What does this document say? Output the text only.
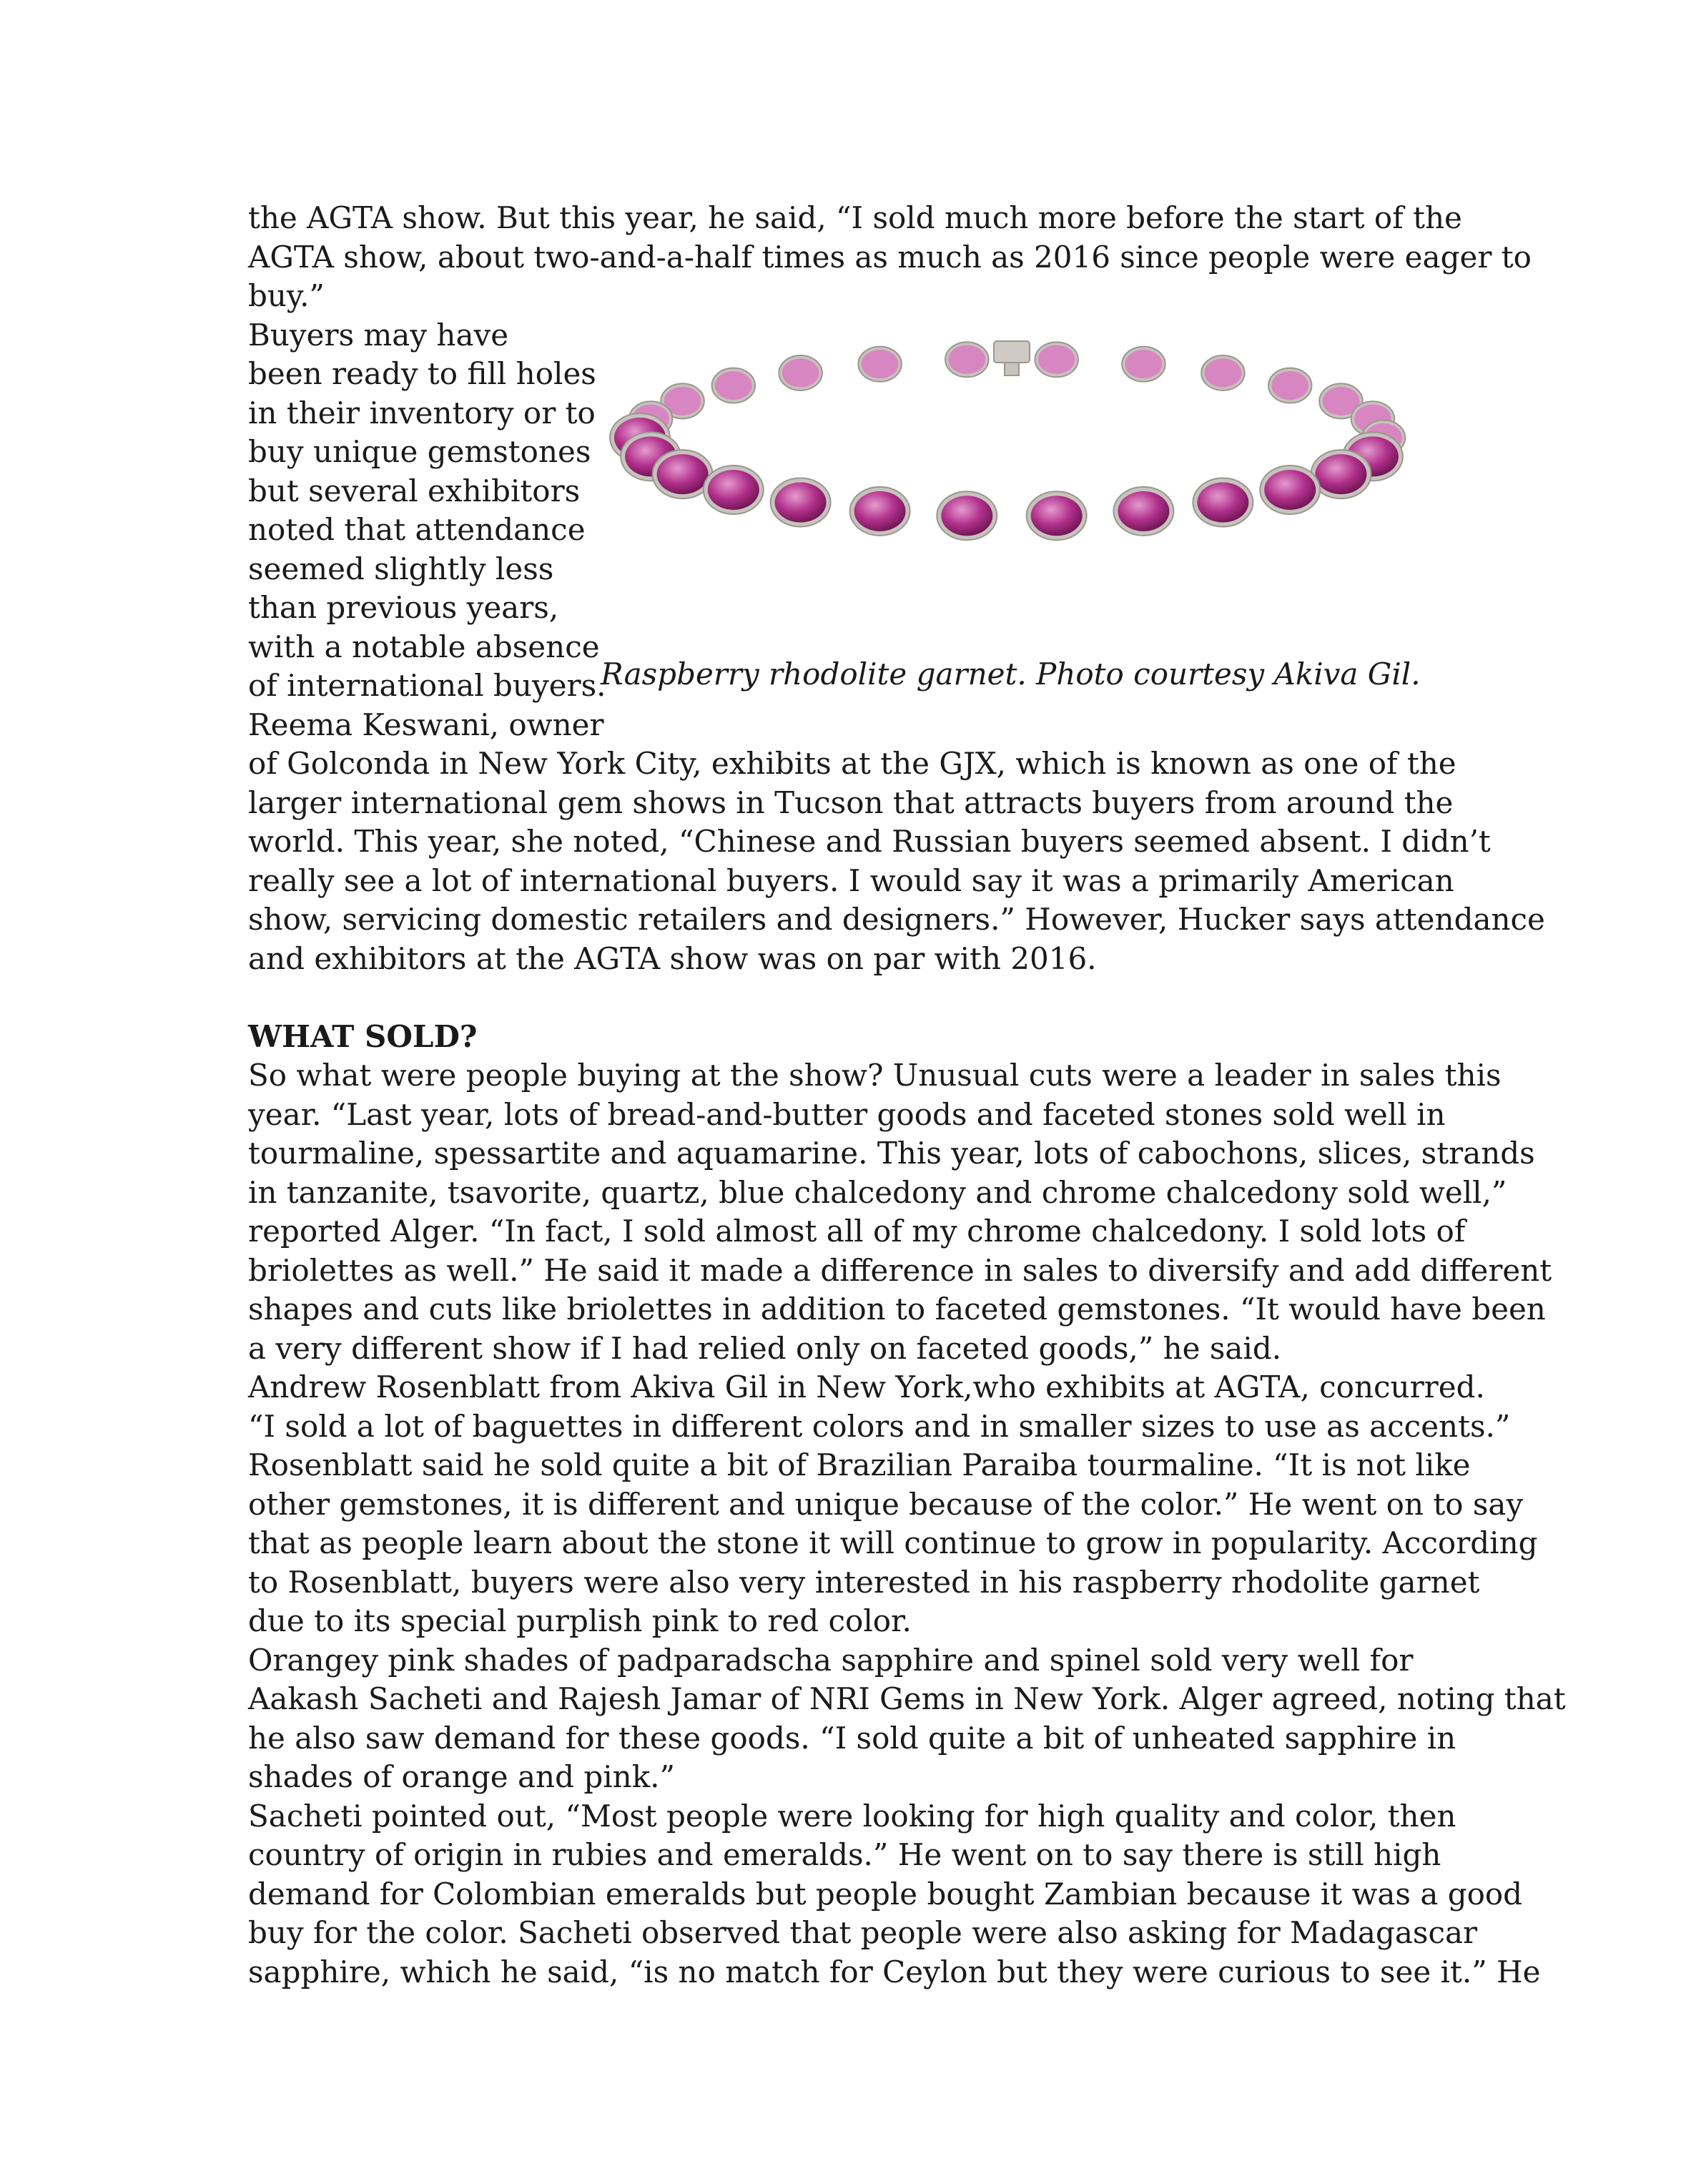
the AGTA show. But this year, he said, “I sold much more before the start of the
AGTA show, about two-and-a-half times as much as 2016 since people were eager to
buy.”
Buyers may have
been ready to fill holes
in their inventory or to
buy unique gemstones
but several exhibitors
noted that attendance
seemed slightly less
than previous years,
with a notable absence
of international buyers.
Reema Keswani, owner
of Golconda in New York City, exhibits at the GJX, which is known as one of the
larger international gem shows in Tucson that attracts buyers from around the
world. This year, she noted, “Chinese and Russian buyers seemed absent. I didn’t
really see a lot of international buyers. I would say it was a primarily American
show, servicing domestic retailers and designers.” However, Hucker says attendance
and exhibitors at the AGTA show was on par with 2016.
WHAT SOLD?
So what were people buying at the show? Unusual cuts were a leader in sales this
year. “Last year, lots of bread-and-butter goods and faceted stones sold well in
tourmaline, spessartite and aquamarine. This year, lots of cabochons, slices, strands
in tanzanite, tsavorite, quartz, blue chalcedony and chrome chalcedony sold well,”
reported Alger. “In fact, I sold almost all of my chrome chalcedony. I sold lots of
briolettes as well.” He said it made a difference in sales to diversify and add different
shapes and cuts like briolettes in addition to faceted gemstones. “It would have been
a very different show if I had relied only on faceted goods,” he said.
Andrew Rosenblatt from Akiva Gil in New York,who exhibits at AGTA, concurred.
“I sold a lot of baguettes in different colors and in smaller sizes to use as accents.”
Rosenblatt said he sold quite a bit of Brazilian Paraiba tourmaline. “It is not like
other gemstones, it is different and unique because of the color.” He went on to say
that as people learn about the stone it will continue to grow in popularity. According
to Rosenblatt, buyers were also very interested in his raspberry rhodolite garnet
due to its special purplish pink to red color.
Orangey pink shades of padparadscha sapphire and spinel sold very well for
Aakash Sacheti and Rajesh Jamar of NRI Gems in New York. Alger agreed, noting that
he also saw demand for these goods. “I sold quite a bit of unheated sapphire in
shades of orange and pink.”
Sacheti pointed out, “Most people were looking for high quality and color, then
country of origin in rubies and emeralds.” He went on to say there is still high
demand for Colombian emeralds but people bought Zambian because it was a good
buy for the color. Sacheti observed that people were also asking for Madagascar
sapphire, which he said, “is no match for Ceylon but they were curious to see it.” He
Raspberry rhodolite garnet. Photo courtesy Akiva Gil.
